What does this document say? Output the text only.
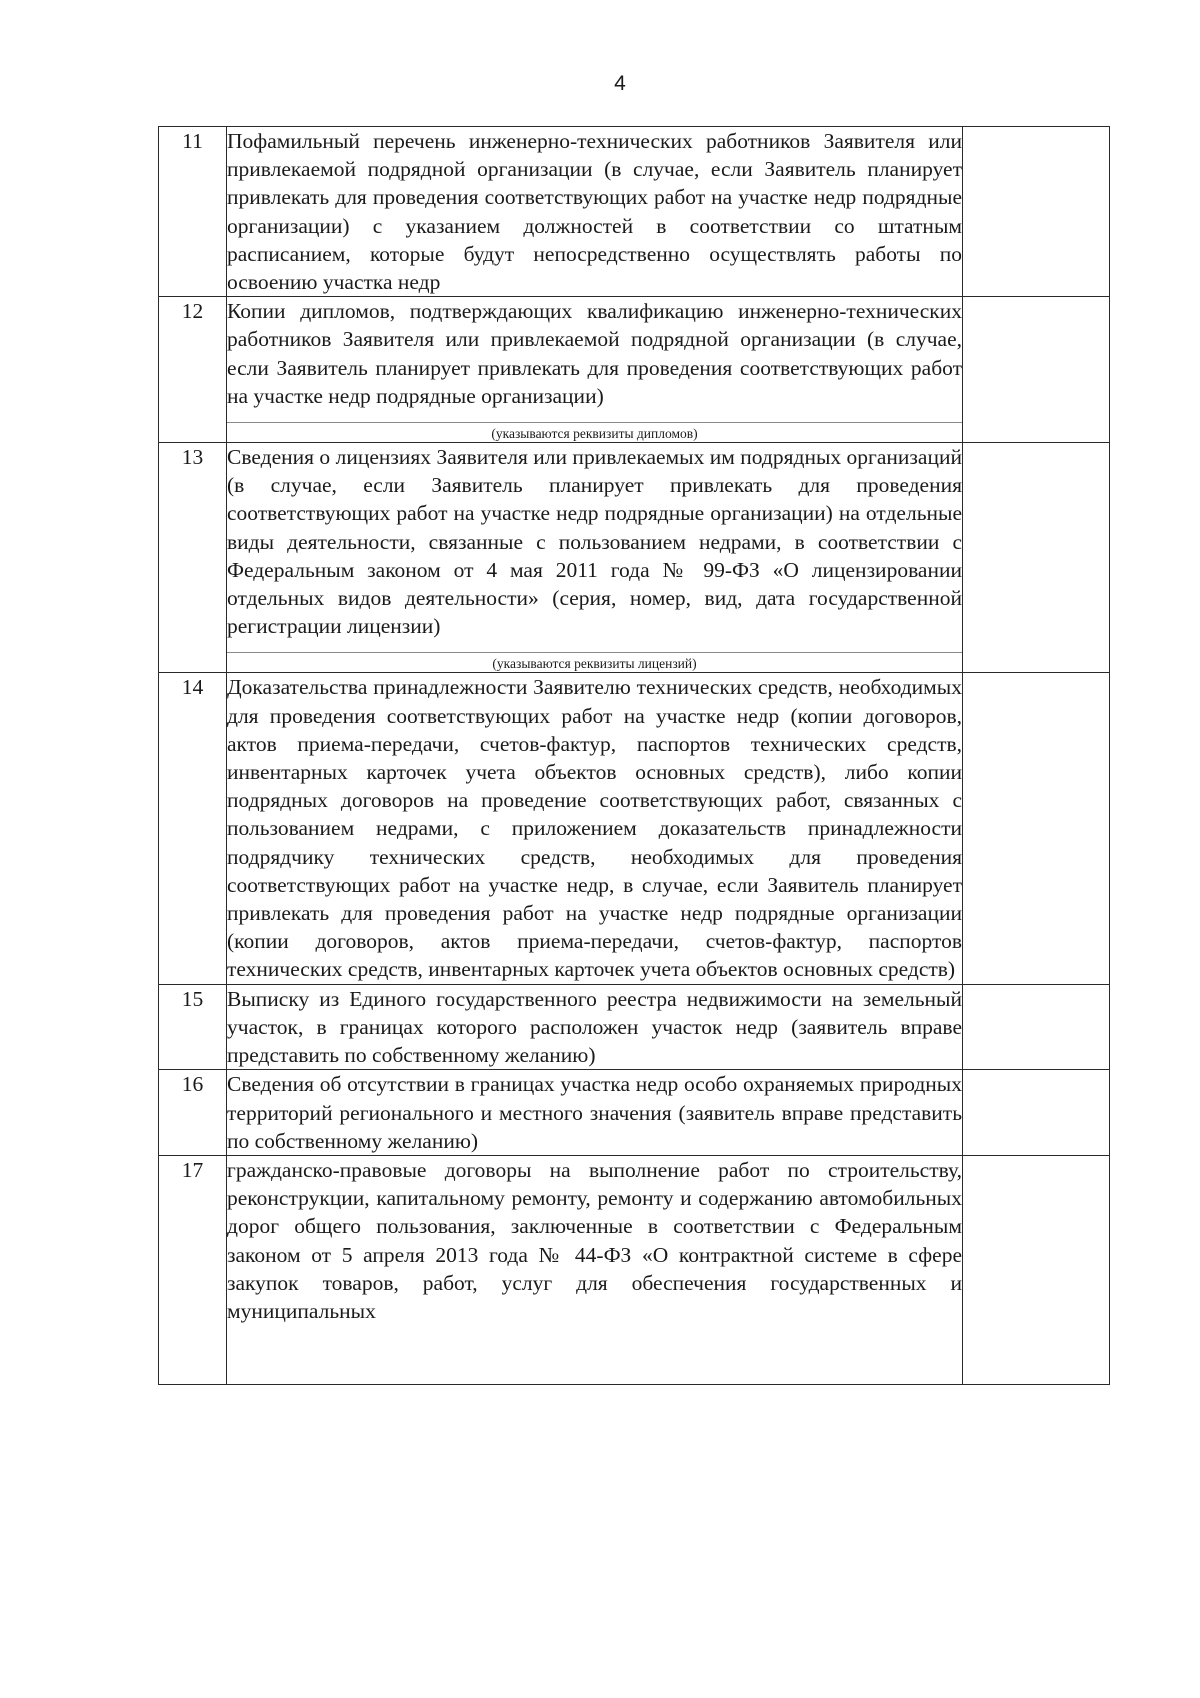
4
11	Пофамильный перечень инженерно-технических работников Заявителя или привлекаемой подрядной организации (в случае, если Заявитель планирует привлекать для проведения соответствующих работ на участке недр подрядные организации) с указанием должностей в соответствии со штатным расписанием, которые будут непосредственно осуществлять работы по освоению участка недр	

12	Копии дипломов, подтверждающих квалификацию инженерно-технических работников Заявителя или привлекаемой подрядной организации (в случае, если Заявитель планирует привлекать для проведения соответствующих работ на участке недр подрядные организации)

(указываются реквизиты дипломов)	

13	Сведения о лицензиях Заявителя или привлекаемых им подрядных организаций (в случае, если Заявитель планирует привлекать для проведения соответствующих работ на участке недр подрядные организации) на отдельные виды деятельности, связанные с пользованием недрами, в соответствии с Федеральным законом от 4 мая 2011 года № 99-ФЗ «О лицензировании отдельных видов деятельности» (серия, номер, вид, дата государственной регистрации лицензии)

(указываются реквизиты лицензий)	

14	Доказательства принадлежности Заявителю технических средств, необходимых для проведения соответствующих работ на участке недр (копии договоров, актов приема-передачи, счетов-фактур, паспортов технических средств, инвентарных карточек учета объектов основных средств), либо копии подрядных договоров на проведение соответствующих работ, связанных с пользованием недрами, с приложением доказательств принадлежности подрядчику технических средств, необходимых для проведения соответствующих работ на участке недр, в случае, если Заявитель планирует привлекать для проведения работ на участке недр подрядные организации (копии договоров, актов приема-передачи, счетов-фактур, паспортов технических средств, инвентарных карточек учета объектов основных средств)	

15	Выписку из Единого государственного реестра недвижимости на земельный участок, в границах которого расположен участок недр (заявитель вправе представить по собственному желанию)	

16	Сведения об отсутствии в границах участка недр особо охраняемых природных территорий регионального и местного значения (заявитель вправе представить по собственному желанию)	

17	гражданско-правовые договоры на выполнение работ по строительству, реконструкции, капитальному ремонту, ремонту и содержанию автомобильных дорог общего пользования, заключенные в соответствии с Федеральным законом от 5 апреля 2013 года № 44-ФЗ «О контрактной системе в сфере закупок товаров, работ, услуг для обеспечения государственных и муниципальных	
